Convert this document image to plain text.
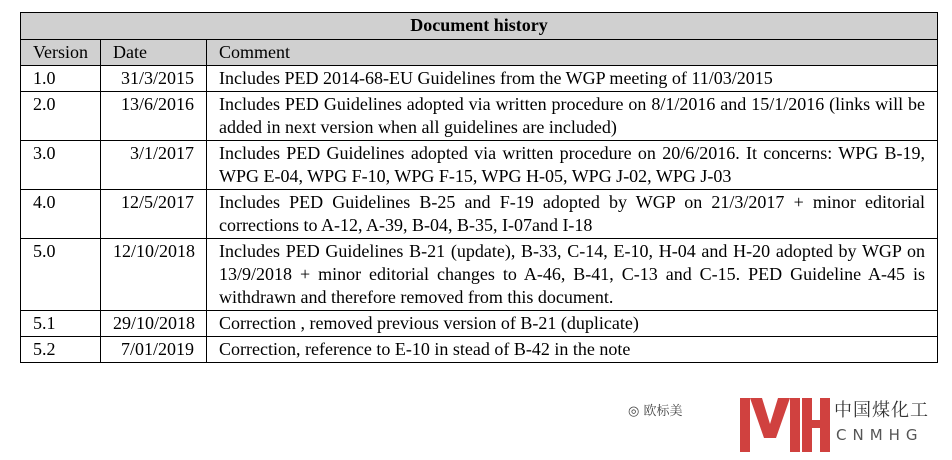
Document history		
Version	Date	Comment
1.0	31/3/2015	Includes PED 2014-68-EU Guidelines from the WGP meeting of 11/03/2015
2.0	13/6/2016	Includes PED Guidelines adopted via written procedure on 8/1/2016 and 15/1/2016 (links will be added in next version when all guidelines are included)
3.0	3/1/2017	Includes PED Guidelines adopted via written procedure on 20/6/2016. It concerns: WPG B-19, WPG E-04, WPG F-10, WPG F-15, WPG H-05, WPG J-02, WPG J-03
4.0	12/5/2017	Includes PED Guidelines B-25 and F-19 adopted by WGP on 21/3/2017 + minor editorial corrections to A-12, A-39, B-04, B-35, I-07and I-18
5.0	12/10/2018	Includes PED Guidelines B-21 (update), B-33, C-14, E-10, H-04 and H-20 adopted by WGP on 13/9/2018 + minor editorial changes to A-46, B-41, C-13 and C-15. PED Guideline A-45 is withdrawn and therefore removed from this document.
5.1	29/10/2018	Correction , removed previous version of B-21 (duplicate)
5.2	7/01/2019	Correction, reference to E-10 in stead of B-42 in the note
◎ 欧标美	中国煤化工
CNMHG
